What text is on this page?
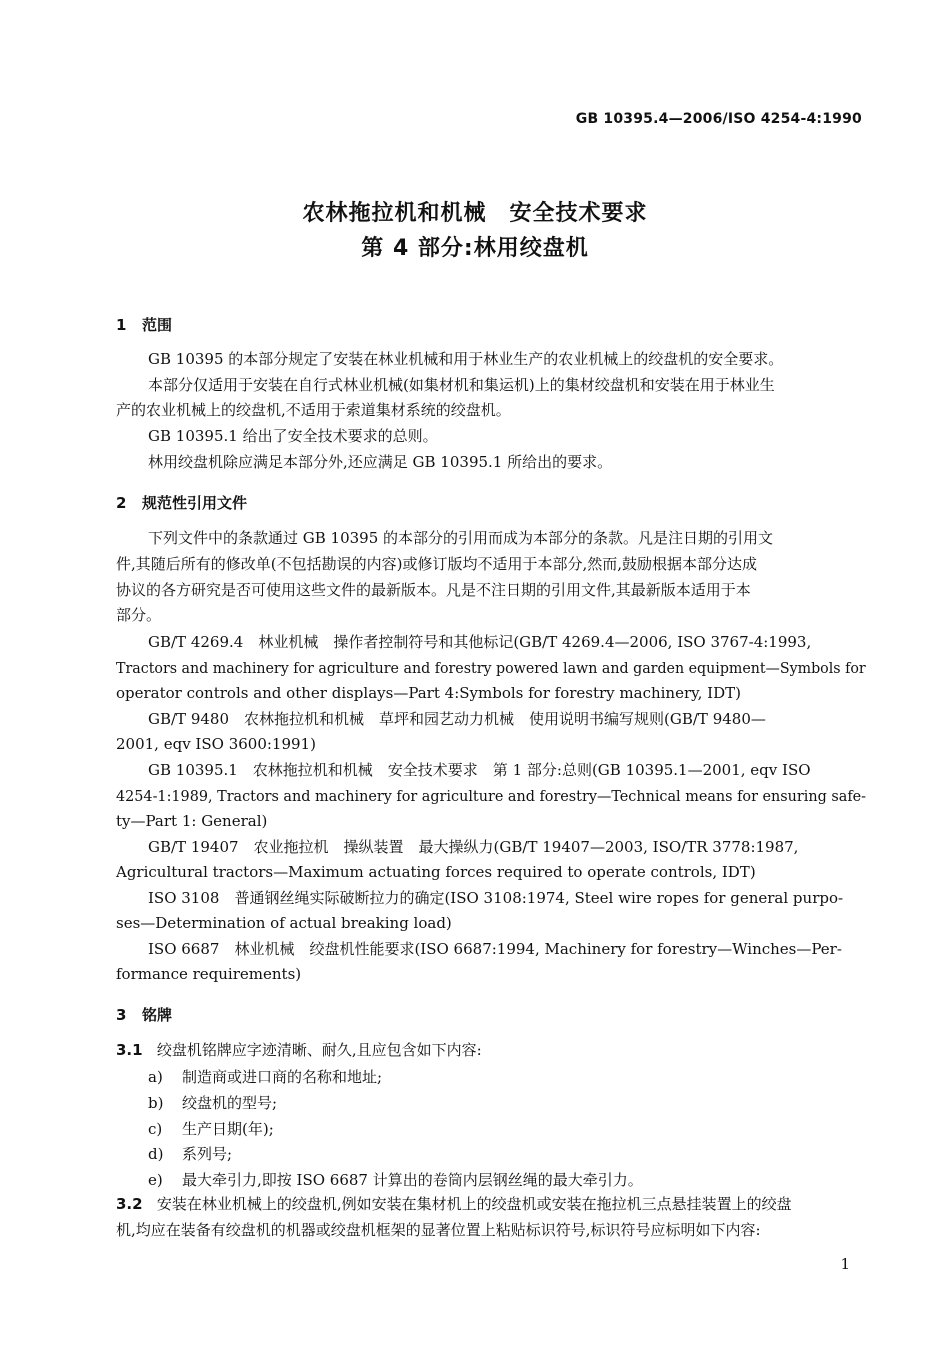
GB 10395.4—2006/ISO 4254-4:1990
农林拖拉机和机械　安全技术要求
第 4 部分:林用绞盘机
1 范围
GB 10395 的本部分规定了安装在林业机械和用于林业生产的农业机械上的绞盘机的安全要求。
本部分仅适用于安装在自行式林业机械(如集材机和集运机)上的集材绞盘机和安装在用于林业生
产的农业机械上的绞盘机,不适用于索道集材系统的绞盘机。
GB 10395.1 给出了安全技术要求的总则。
林用绞盘机除应满足本部分外,还应满足 GB 10395.1 所给出的要求。
2 规范性引用文件
下列文件中的条款通过 GB 10395 的本部分的引用而成为本部分的条款。凡是注日期的引用文
件,其随后所有的修改单(不包括勘误的内容)或修订版均不适用于本部分,然而,鼓励根据本部分达成
协议的各方研究是否可使用这些文件的最新版本。凡是不注日期的引用文件,其最新版本适用于本
部分。
GB/T 4269.4　林业机械　操作者控制符号和其他标记(GB/T 4269.4—2006, ISO 3767-4:1993,
Tractors and machinery for agriculture and forestry powered lawn and garden equipment—Symbols for
operator controls and other displays—Part 4:Symbols for forestry machinery, IDT)
GB/T 9480　农林拖拉机和机械　草坪和园艺动力机械　使用说明书编写规则(GB/T 9480—
2001, eqv ISO 3600:1991)
GB 10395.1　农林拖拉机和机械　安全技术要求　第 1 部分:总则(GB 10395.1—2001, eqv ISO
4254-1:1989, Tractors and machinery for agriculture and forestry—Technical means for ensuring safe-
ty—Part 1: General)
GB/T 19407　农业拖拉机　操纵装置　最大操纵力(GB/T 19407—2003, ISO/TR 3778:1987,
Agricultural tractors—Maximum actuating forces required to operate controls, IDT)
ISO 3108　普通钢丝绳实际破断拉力的确定(ISO 3108:1974, Steel wire ropes for general purpo-
ses—Determination of actual breaking load)
ISO 6687　林业机械　绞盘机性能要求(ISO 6687:1994, Machinery for forestry—Winches—Per-
formance requirements)
3 铭牌
3.1 绞盘机铭牌应字迹清晰、耐久,且应包含如下内容:
a) 制造商或进口商的名称和地址;
b) 绞盘机的型号;
c) 生产日期(年);
d) 系列号;
e) 最大牵引力,即按 ISO 6687 计算出的卷筒内层钢丝绳的最大牵引力。
3.2 安装在林业机械上的绞盘机,例如安装在集材机上的绞盘机或安装在拖拉机三点悬挂装置上的绞盘
机,均应在装备有绞盘机的机器或绞盘机框架的显著位置上粘贴标识符号,标识符号应标明如下内容:
1
